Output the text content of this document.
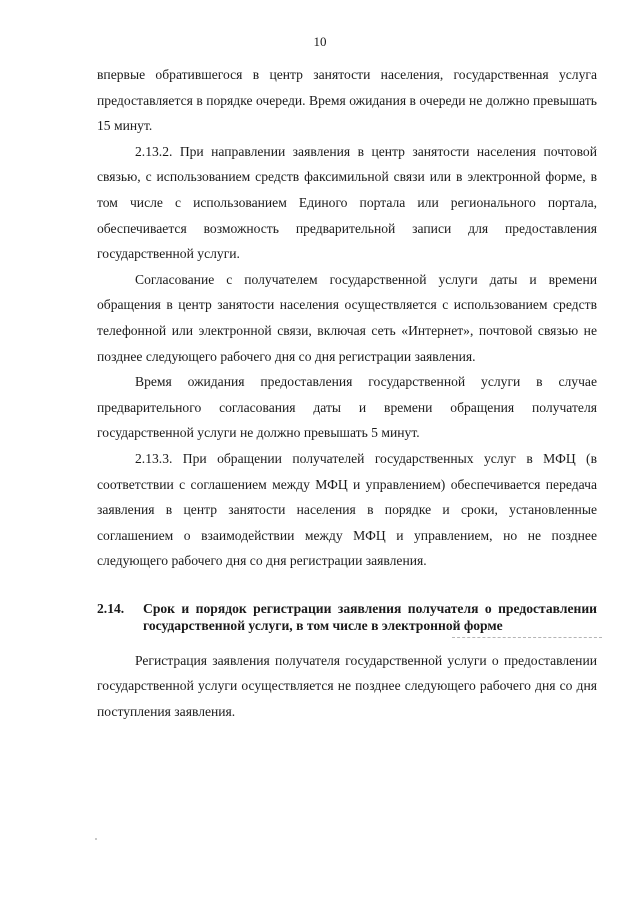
10

впервые обратившегося в центр занятости населения, государственная услуга предоставляется в порядке очереди. Время ожидания в очереди не должно превышать 15 минут.

2.13.2. При направлении заявления в центр занятости населения почтовой связью, с использованием средств факсимильной связи или в электронной форме, в том числе с использованием Единого портала или регионального портала, обеспечивается возможность предварительной записи для предоставления государственной услуги.

Согласование с получателем государственной услуги даты и времени обращения в центр занятости населения осуществляется с использованием средств телефонной или электронной связи, включая сеть «Интернет», почтовой связью не позднее следующего рабочего дня со дня регистрации заявления.

Время ожидания предоставления государственной услуги в случае предварительного согласования даты и времени обращения получателя государственной услуги не должно превышать 5 минут.

2.13.3. При обращении получателей государственных услуг в МФЦ (в соответствии с соглашением между МФЦ и управлением) обеспечивается передача заявления в центр занятости населения в порядке и сроки, установленные соглашением о взаимодействии между МФЦ и управлением, но не позднее следующего рабочего дня со дня регистрации заявления.

2.14.	Срок и порядок регистрации заявления получателя о предоставлении государственной услуги, в том числе в электронной форме

Регистрация заявления получателя государственной услуги о предоставлении государственной услуги осуществляется не позднее следующего рабочего дня со дня поступления заявления.
